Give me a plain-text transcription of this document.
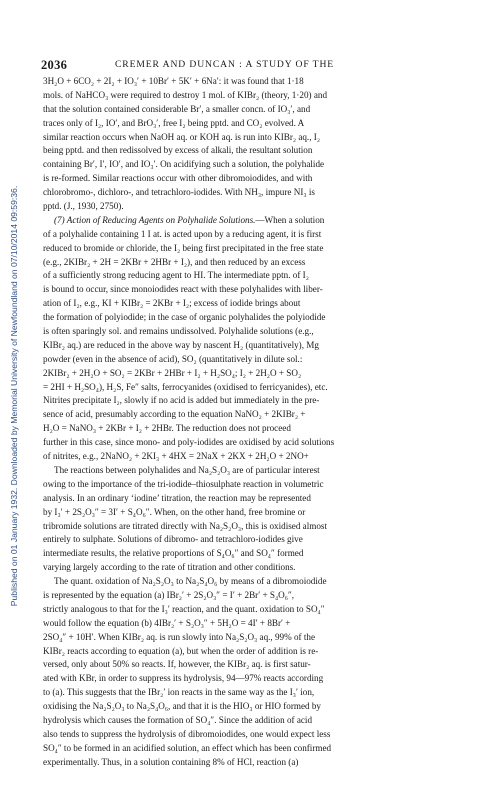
Published on 01 January 1932. Downloaded by Memorial University of Newfoundland on 07/10/2014 09:59:36.
2036	CREMER AND DUNCAN : A STUDY OF THE
3H₂O + 6CO₂ + 2I₂ + IO₃′ + 10Br′ + 5K′ + 6Na′: it was found that 1·18
mols. of NaHCO₃ were required to destroy 1 mol. of KIBr₂ (theory, 1·20) and
that the solution contained considerable Br′, a smaller concn. of IO₃′, and
traces only of I₂, IO′, and BrO₃′, free I₂ being pptd. and CO₂ evolved. A
similar reaction occurs when NaOH aq. or KOH aq. is run into KIBr₂ aq., I₂
being pptd. and then redissolved by excess of alkali, the resultant solution
containing Br′, I′, IO′, and IO₃′. On acidifying such a solution, the polyhalide
is re-formed. Similar reactions occur with other dibromoiodides, and with
chlorobromo-, dichloro-, and tetrachloro-iodides. With NH₃, impure NI₃ is
pptd. (J., 1930, 2750).
(7) Action of Reducing Agents on Polyhalide Solutions.—When a solution
of a polyhalide containing 1 I at. is acted upon by a reducing agent, it is first
reduced to bromide or chloride, the I₂ being first precipitated in the free state
(e.g., 2KIBr₂ + 2H = 2KBr + 2HBr + I₂), and then reduced by an excess
of a sufficiently strong reducing agent to HI. The intermediate pptn. of I₂
is bound to occur, since monoiodides react with these polyhalides with liber-
ation of I₂, e.g., KI + KIBr₂ = 2KBr + I₂; excess of iodide brings about
the formation of polyiodide; in the case of organic polyhalides the polyiodide
is often sparingly sol. and remains undissolved. Polyhalide solutions (e.g.,
KIBr₂ aq.) are reduced in the above way by nascent H₂ (quantitatively), Mg
powder (even in the absence of acid), SO₂ (quantitatively in dilute sol.:
2KIBr₂ + 2H₂O + SO₂ = 2KBr + 2HBr + I₂ + H₂SO₄; I₂ + 2H₂O + SO₂
= 2HI + H₂SO₄), H₂S, Fe″ salts, ferrocyanides (oxidised to ferricyanides), etc.
Nitrites precipitate I₂, slowly if no acid is added but immediately in the pre-
sence of acid, presumably according to the equation NaNO₂ + 2KIBr₂ +
H₂O = NaNO₃ + 2KBr + I₂ + 2HBr. The reduction does not proceed
further in this case, since mono- and poly-iodides are oxidised by acid solutions
of nitrites, e.g., 2NaNO₂ + 2KI₃ + 4HX = 2NaX + 2KX + 2H₂O + 2NO+
The reactions between polyhalides and Na₂S₂O₃ are of particular interest
owing to the importance of the tri-iodide–thiosulphate reaction in volumetric
analysis. In an ordinary ‘iodine’ titration, the reaction may be represented
by I₃′ + 2S₂O₃″ = 3I′ + S₄O₆″. When, on the other hand, free bromine or
tribromide solutions are titrated directly with Na₂S₂O₃, this is oxidised almost
entirely to sulphate. Solutions of dibromo- and tetrachloro-iodides give
intermediate results, the relative proportions of S₄O₆″ and SO₄″ formed
varying largely according to the rate of titration and other conditions.
The quant. oxidation of Na₂S₂O₃ to Na₂S₄O₆ by means of a dibromoiodide
is represented by the equation (a) IBr₂′ + 2S₂O₃″ = I′ + 2Br′ + S₄O₆″,
strictly analogous to that for the I₃′ reaction, and the quant. oxidation to SO₄″
would follow the equation (b) 4IBr₂′ + S₂O₃″ + 5H₂O = 4I′ + 8Br′ +
2SO₄″ + 10H′. When KIBr₂ aq. is run slowly into Na₂S₂O₃ aq., 99% of the
KIBr₂ reacts according to equation (a), but when the order of addition is re-
versed, only about 50% so reacts. If, however, the KIBr₂ aq. is first satur-
ated with KBr, in order to suppress its hydrolysis, 94—97% reacts according
to (a). This suggests that the IBr₂′ ion reacts in the same way as the I₃′ ion,
oxidising the Na₂S₂O₃ to Na₂S₄O₆, and that it is the HIO₃ or HIO formed by
hydrolysis which causes the formation of SO₄″. Since the addition of acid
also tends to suppress the hydrolysis of dibromoiodides, one would expect less
SO₄″ to be formed in an acidified solution, an effect which has been confirmed
experimentally. Thus, in a solution containing 8% of HCl, reaction (a)
